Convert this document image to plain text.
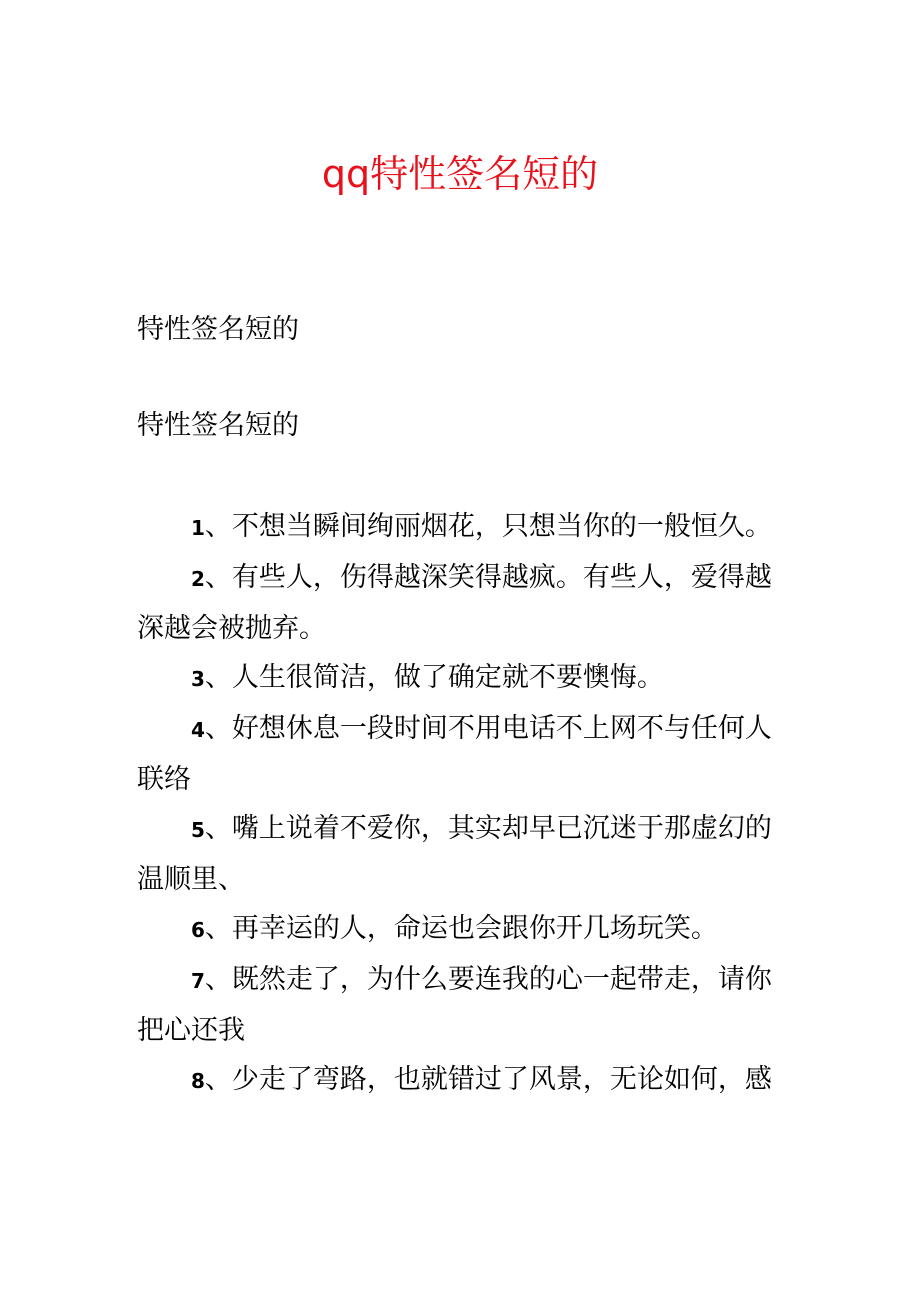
qq特性签名短的
特性签名短的
特性签名短的

1、不想当瞬间绚丽烟花，只想当你的一般恒久。

2、有些人，伤得越深笑得越疯。有些人，爱得越深越会被抛弃。

3、人生很简洁，做了确定就不要懊悔。

4、好想休息一段时间不用电话不上网不与任何人联络

5、嘴上说着不爱你，其实却早已沉迷于那虚幻的温顺里、

6、再幸运的人，命运也会跟你开几场玩笑。

7、既然走了，为什么要连我的心一起带走，请你把心还我

8、少走了弯路，也就错过了风景，无论如何，感
